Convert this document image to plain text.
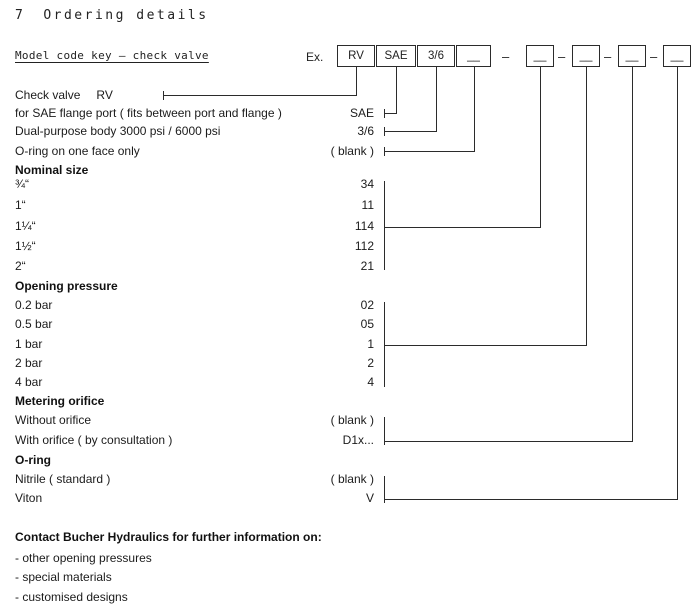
7 Ordering details
Model code key – check valve	Ex.	RV	SAE	3/6	__	__	__	__	__
–	–	–	–
Check valve RV
for SAE flange port ( fits between port and flange )	SAE
Dual-purpose body 3000 psi / 6000 psi	3/6
O-ring on one face only	( blank )
Nominal size
¾“	34
1“	11
1¼“	114
1½“	112
2“	21
Opening pressure
0.2 bar	02
0.5 bar	05
1 bar	1
2 bar	2
4 bar	4
Metering orifice
Without orifice	( blank )
With orifice ( by consultation )	D1x...
O-ring
Nitrile ( standard )	( blank )
Viton	V
Contact Bucher Hydraulics for further information on:
- other opening pressures
- special materials
- customised designs
